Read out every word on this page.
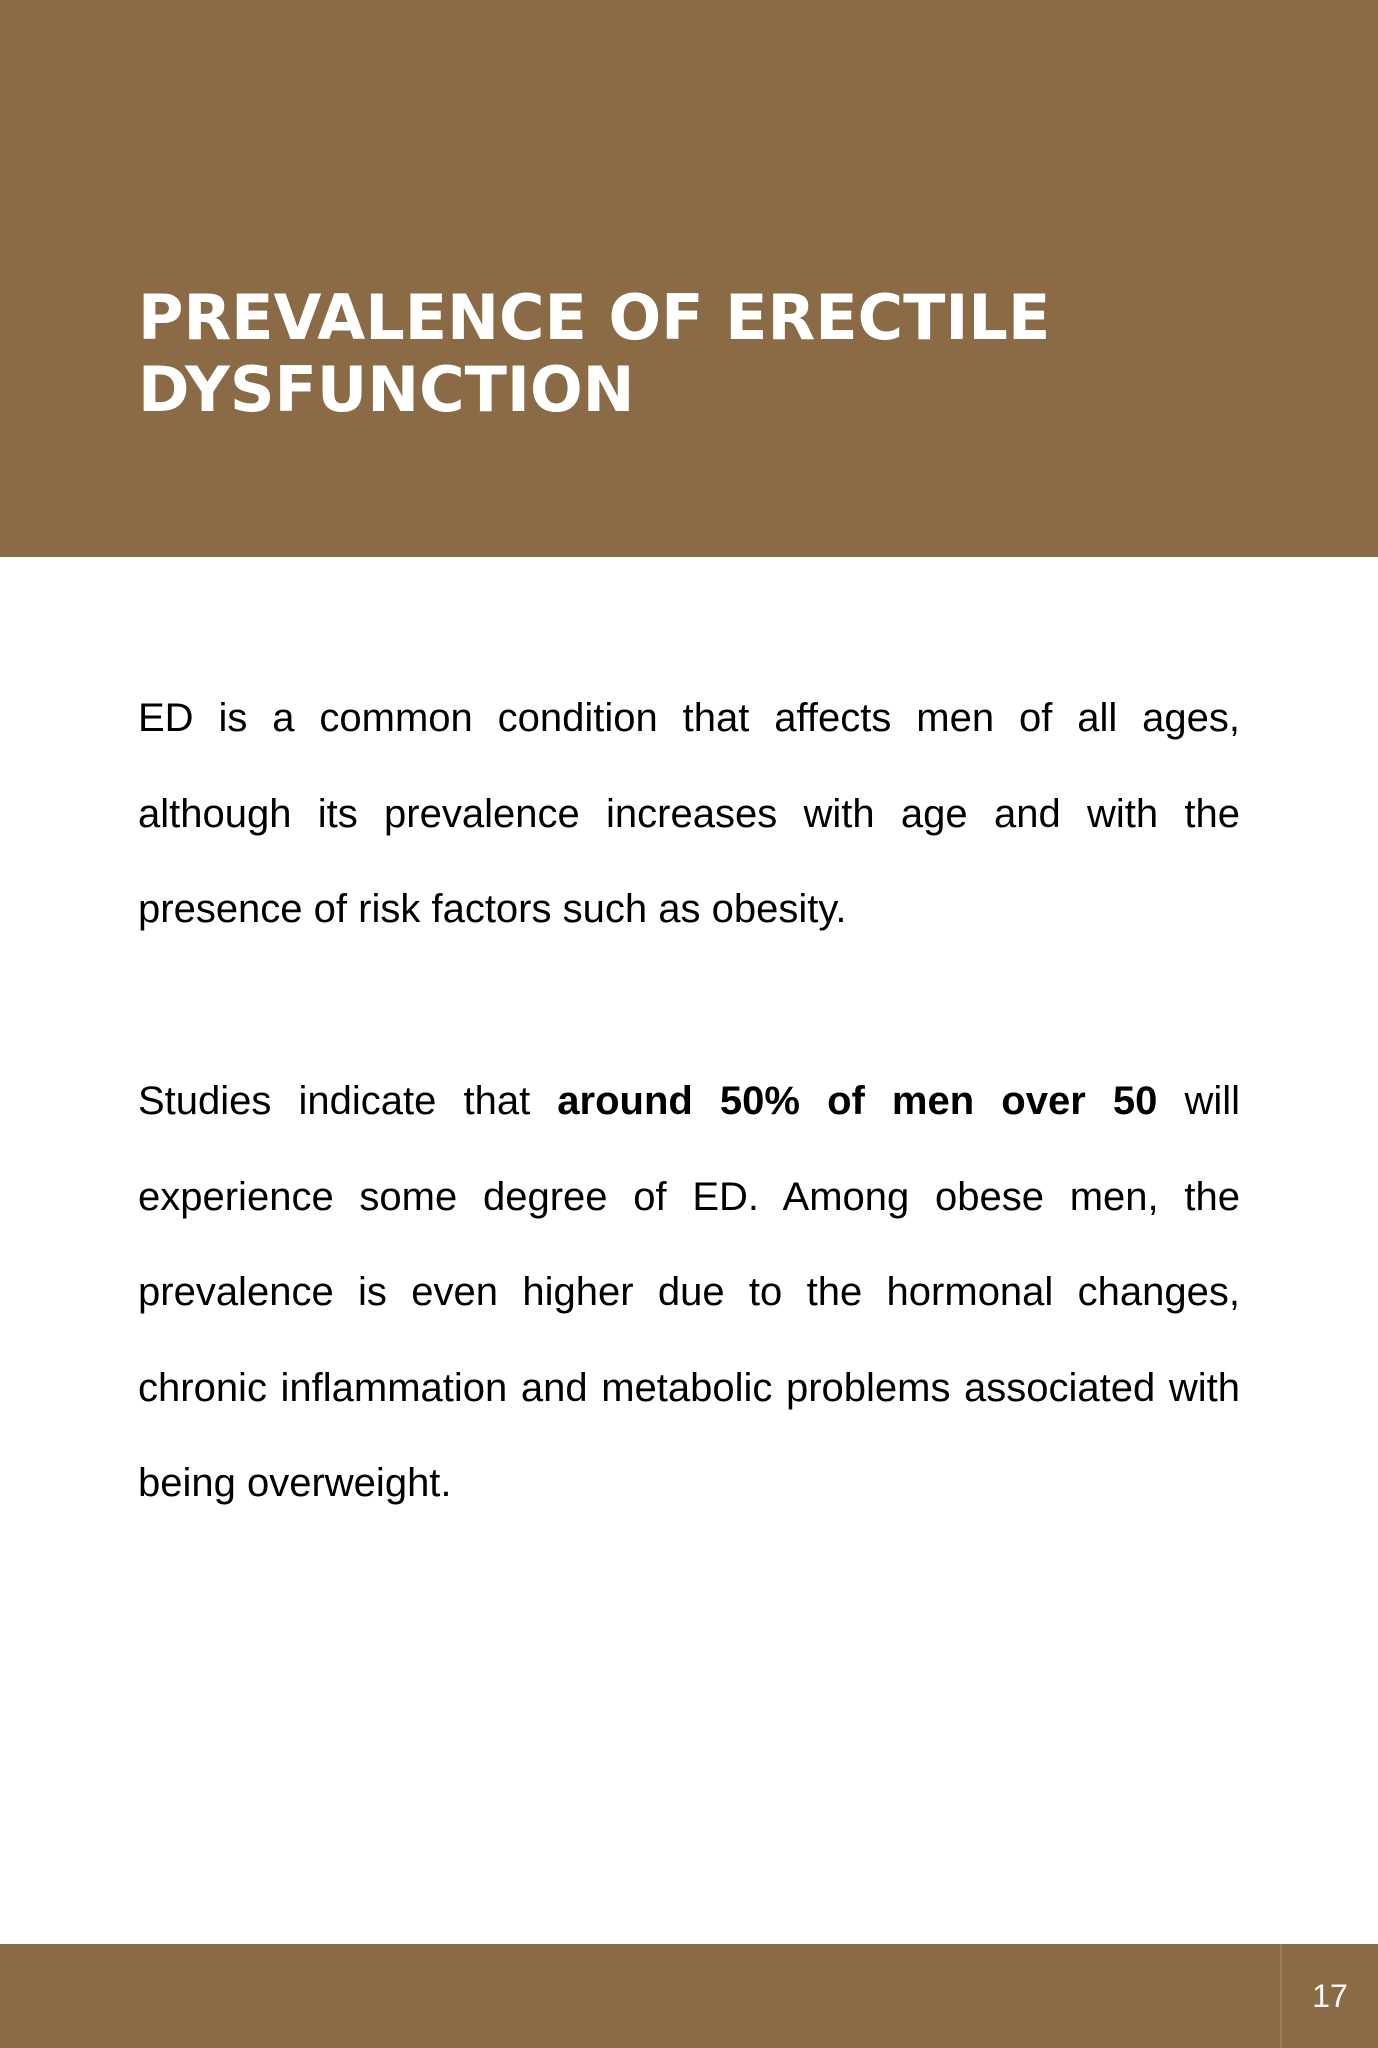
PREVALENCE OF ERECTILE DYSFUNCTION

ED is a common condition that affects men of all ages, although its prevalence increases with age and with the presence of risk factors such as obesity.

Studies indicate that around 50% of men over 50 will experience some degree of ED. Among obese men, the prevalence is even higher due to the hormonal changes, chronic inflammation and metabolic problems associated with being overweight.

17
